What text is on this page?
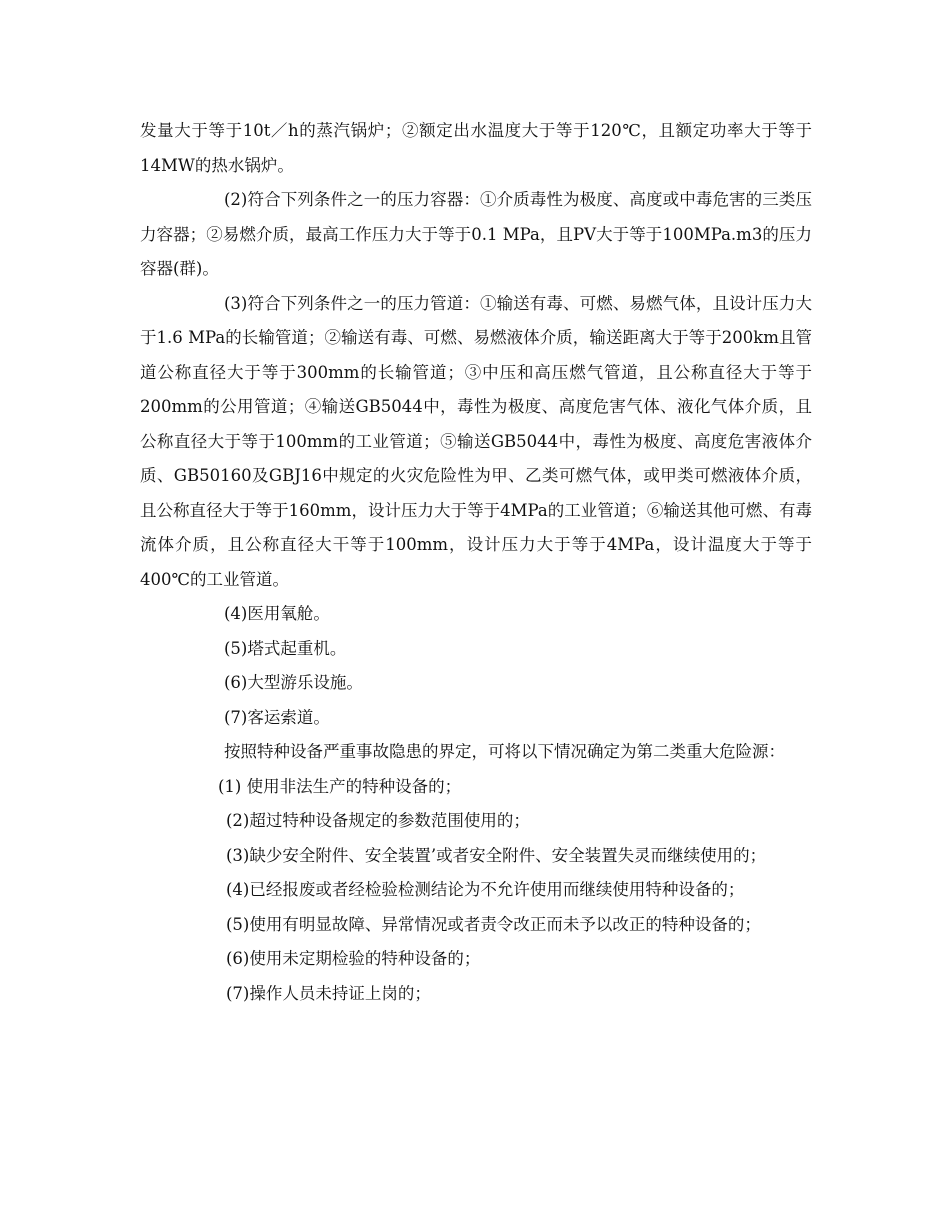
发量大于等于10t／h的蒸汽锅炉；②额定出水温度大于等于120℃，且额定功率大于等于14MW的热水锅炉。

(2)符合下列条件之一的压力容器：①介质毒性为极度、高度或中毒危害的三类压力容器；②易燃介质，最高工作压力大于等于0.1 MPa，且PV大于等于100MPa.m3的压力容器(群)。

(3)符合下列条件之一的压力管道：①输送有毒、可燃、易燃气体，且设计压力大于1.6 MPa的长输管道；②输送有毒、可燃、易燃液体介质，输送距离大于等于200km且管道公称直径大于等于300mm的长输管道；③中压和高压燃气管道，且公称直径大于等于200mm的公用管道；④输送GB5044中，毒性为极度、高度危害气体、液化气体介质，且公称直径大于等于100mm的工业管道；⑤输送GB5044中，毒性为极度、高度危害液体介质、GB50160及GBJ16中规定的火灾危险性为甲、乙类可燃气体，或甲类可燃液体介质，且公称直径大于等于160mm，设计压力大于等于4MPa的工业管道；⑥输送其他可燃、有毒流体介质，且公称直径大干等于100mm，设计压力大于等于4MPa，设计温度大于等于400℃的工业管道。

(4)医用氧舱。

(5)塔式起重机。

(6)大型游乐设施。

(7)客运索道。

按照特种设备严重事故隐患的界定，可将以下情况确定为第二类重大危险源：

(1) 使用非法生产的特种设备的；

(2)超过特种设备规定的参数范围使用的；

(3)缺少安全附件、安全装置’或者安全附件、安全装置失灵而继续使用的；

(4)已经报废或者经检验检测结论为不允许使用而继续使用特种设备的；

(5)使用有明显故障、异常情况或者责令改正而未予以改正的特种设备的；

(6)使用未定期检验的特种设备的；

(7)操作人员未持证上岗的；
